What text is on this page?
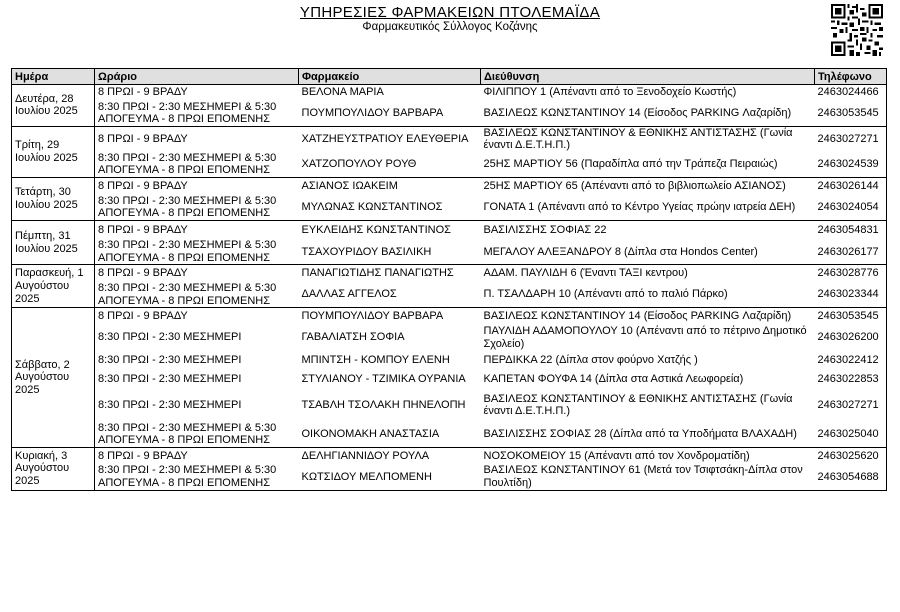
ΥΠΗΡΕΣΙΕΣ ΦΑΡΜΑΚΕΙΩΝ ΠΤΟΛΕΜΑΪΔΑ
Φαρμακευτικός Σύλλογος Κοζάνης
Ημέρα	Ωράριο	Φαρμακείο	Διεύθυνση	Τηλέφωνο
Δευτέρα, 28 Ιουλίου 2025	8 ΠΡΩΙ - 9 ΒΡΑΔΥ	ΒΕΛΟΝΑ ΜΑΡΙΑ	ΦΙΛΙΠΠΟΥ 1 (Απέναντι από το Ξενοδοχείο Κωστής)	2463024466
	8:30 ΠΡΩΙ - 2:30 ΜΕΣΗΜΕΡΙ & 5:30 ΑΠΟΓΕΥΜΑ - 8 ΠΡΩΙ ΕΠΟΜΕΝΗΣ	ΠΟΥΜΠΟΥΛΙΔΟΥ ΒΑΡΒΑΡΑ	ΒΑΣΙΛΕΩΣ ΚΩΝΣΤΑΝΤΙΝΟΥ 14 (Είσοδος PARKING Λαζαρίδη)	2463053545
Τρίτη, 29 Ιουλίου 2025	8 ΠΡΩΙ - 9 ΒΡΑΔΥ	ΧΑΤΖΗΕΥΣΤΡΑΤΙΟΥ ΕΛΕΥΘΕΡΙΑ	ΒΑΣΙΛΕΩΣ ΚΩΝΣΤΑΝΤΙΝΟΥ & ΕΘΝΙΚΗΣ ΑΝΤΙΣΤΑΣΗΣ (Γωνία έναντι Δ.Ε.Τ.Η.Π.)	2463027271
	8:30 ΠΡΩΙ - 2:30 ΜΕΣΗΜΕΡΙ & 5:30 ΑΠΟΓΕΥΜΑ - 8 ΠΡΩΙ ΕΠΟΜΕΝΗΣ	ΧΑΤΖΟΠΟΥΛΟΥ ΡΟΥΘ	25ΗΣ ΜΑΡΤΙΟΥ 56 (Παραδίπλα από την Τράπεζα Πειραιώς)	2463024539
Τετάρτη, 30 Ιουλίου 2025	8 ΠΡΩΙ - 9 ΒΡΑΔΥ	ΑΣΙΑΝΟΣ ΙΩΑΚΕΙΜ	25ΗΣ ΜΑΡΤΙΟΥ 65 (Απέναντι από το βιβλιοπωλείο ΑΣΙΑΝΟΣ)	2463026144
	8:30 ΠΡΩΙ - 2:30 ΜΕΣΗΜΕΡΙ & 5:30 ΑΠΟΓΕΥΜΑ - 8 ΠΡΩΙ ΕΠΟΜΕΝΗΣ	ΜΥΛΩΝΑΣ ΚΩΝΣΤΑΝΤΙΝΟΣ	ΓΟΝΑΤΑ 1 (Απέναντι από το Κέντρο Υγείας πρώην ιατρεία ΔΕΗ)	2463024054
Πέμπτη, 31 Ιουλίου 2025	8 ΠΡΩΙ - 9 ΒΡΑΔΥ	ΕΥΚΛΕΙΔΗΣ ΚΩΝΣΤΑΝΤΙΝΟΣ	ΒΑΣΙΛΙΣΣΗΣ ΣΟΦΙΑΣ 22	2463054831
	8:30 ΠΡΩΙ - 2:30 ΜΕΣΗΜΕΡΙ & 5:30 ΑΠΟΓΕΥΜΑ - 8 ΠΡΩΙ ΕΠΟΜΕΝΗΣ	ΤΣΑΧΟΥΡΙΔΟΥ ΒΑΣΙΛΙΚΗ	ΜΕΓΑΛΟΥ ΑΛΕΞΑΝΔΡΟΥ 8 (Δίπλα στα Hondos Center)	2463026177
Παρασκευή, 1 Αυγούστου 2025	8 ΠΡΩΙ - 9 ΒΡΑΔΥ	ΠΑΝΑΓΙΩΤΙΔΗΣ ΠΑΝΑΓΙΩΤΗΣ	ΑΔΑΜ. ΠΑΥΛΙΔΗ 6 (Έναντι ΤΑΞΙ κεντρου)	2463028776
	8:30 ΠΡΩΙ - 2:30 ΜΕΣΗΜΕΡΙ & 5:30 ΑΠΟΓΕΥΜΑ - 8 ΠΡΩΙ ΕΠΟΜΕΝΗΣ	ΔΑΛΛΑΣ ΑΓΓΕΛΟΣ	Π. ΤΣΑΛΔΑΡΗ 10 (Απέναντι από το παλιό Πάρκο)	2463023344
Σάββατο, 2 Αυγούστου 2025	8 ΠΡΩΙ - 9 ΒΡΑΔΥ	ΠΟΥΜΠΟΥΛΙΔΟΥ ΒΑΡΒΑΡΑ	ΒΑΣΙΛΕΩΣ ΚΩΝΣΤΑΝΤΙΝΟΥ 14 (Είσοδος PARKING Λαζαρίδη)	2463053545
	8:30 ΠΡΩΙ - 2:30 ΜΕΣΗΜΕΡΙ	ΓΑΒΑΛΙΑΤΣΗ ΣΟΦΙΑ	ΠΑΥΛΙΔΗ ΑΔΑΜΟΠΟΥΛΟΥ 10 (Απέναντι από το πέτρινο Δημοτικό Σχολείο)	2463026200
	8:30 ΠΡΩΙ - 2:30 ΜΕΣΗΜΕΡΙ	ΜΠΙΝΤΣΗ - ΚΟΜΠΟΥ ΕΛΕΝΗ	ΠΕΡΔΙΚΚΑ 22 (Δίπλα στον φούρνο Χατζής )	2463022412
	8:30 ΠΡΩΙ - 2:30 ΜΕΣΗΜΕΡΙ	ΣΤΥΛΙΑΝΟΥ - ΤΖΙΜΙΚΑ ΟΥΡΑΝΙΑ	ΚΑΠΕΤΑΝ ΦΟΥΦΑ 14 (Δίπλα στα Αστικά Λεωφορεία)	2463022853
	8:30 ΠΡΩΙ - 2:30 ΜΕΣΗΜΕΡΙ	ΤΣΑΒΛΗ ΤΣΟΛΑΚΗ ΠΗΝΕΛΟΠΗ	ΒΑΣΙΛΕΩΣ ΚΩΝΣΤΑΝΤΙΝΟΥ & ΕΘΝΙΚΗΣ ΑΝΤΙΣΤΑΣΗΣ (Γωνία έναντι Δ.Ε.Τ.Η.Π.)	2463027271
	8:30 ΠΡΩΙ - 2:30 ΜΕΣΗΜΕΡΙ & 5:30 ΑΠΟΓΕΥΜΑ - 8 ΠΡΩΙ ΕΠΟΜΕΝΗΣ	ΟΙΚΟΝΟΜΑΚΗ ΑΝΑΣΤΑΣΙΑ	ΒΑΣΙΛΙΣΣΗΣ ΣΟΦΙΑΣ 28 (Δίπλα από τα Υποδήματα ΒΛΑΧΑΔΗ)	2463025040
Κυριακή, 3 Αυγούστου 2025	8 ΠΡΩΙ - 9 ΒΡΑΔΥ	ΔΕΛΗΓΙΑΝΝΙΔΟΥ ΡΟΥΛΑ	ΝΟΣΟΚΟΜΕΙΟΥ 15 (Απέναντι από τον Χονδροματίδη)	2463025620
	8:30 ΠΡΩΙ - 2:30 ΜΕΣΗΜΕΡΙ & 5:30 ΑΠΟΓΕΥΜΑ - 8 ΠΡΩΙ ΕΠΟΜΕΝΗΣ	ΚΩΤΣΙΔΟΥ ΜΕΛΠΟΜΕΝΗ	ΒΑΣΙΛΕΩΣ ΚΩΝΣΤΑΝΤΙΝΟΥ 61 (Μετά τον Τσιφτσάκη-Δίπλα στον Πουλτίδη)	2463054688
